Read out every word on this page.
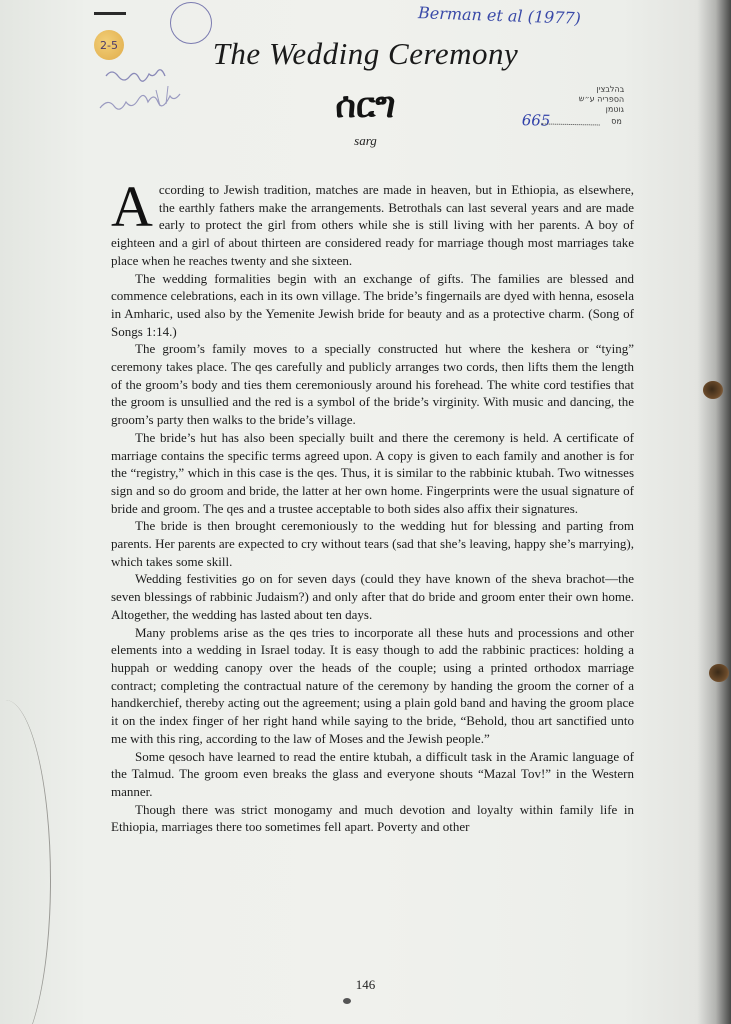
2-5
Berman et al (1977)
The Wedding Ceremony
ሰርግ
sarg
בהלבצין
הספריה ע״ש
665	מס
גוטמן

According to Jewish tradition, matches are made in heaven, but in Ethiopia, as elsewhere, the earthly fathers make the arrangements. Betrothals can last several years and are made early to protect the girl from others while she is still living with her parents. A boy of eighteen and a girl of about thirteen are considered ready for marriage though most marriages take place when he reaches twenty and she sixteen.

The wedding formalities begin with an exchange of gifts. The families are blessed and commence celebrations, each in its own village. The bride’s fingernails are dyed with henna, esosela in Amharic, used also by the Yemenite Jewish bride for beauty and as a protective charm. (Song of Songs 1:14.)

The groom’s family moves to a specially constructed hut where the keshera or “tying” ceremony takes place. The qes carefully and publicly arranges two cords, then lifts them the length of the groom’s body and ties them ceremoniously around his forehead. The white cord testifies that the groom is unsullied and the red is a symbol of the bride’s virginity. With music and dancing, the groom’s party then walks to the bride’s village.

The bride’s hut has also been specially built and there the ceremony is held. A certificate of marriage contains the specific terms agreed upon. A copy is given to each family and another is for the “registry,” which in this case is the qes. Thus, it is similar to the rabbinic ktubah. Two witnesses sign and so do groom and bride, the latter at her own home. Fingerprints were the usual signature of bride and groom. The qes and a trustee acceptable to both sides also affix their signatures.

The bride is then brought ceremoniously to the wedding hut for blessing and parting from parents. Her parents are expected to cry without tears (sad that she’s leaving, happy she’s marrying), which takes some skill.

Wedding festivities go on for seven days (could they have known of the sheva brachot—the seven blessings of rabbinic Judaism?) and only after that do bride and groom enter their own home. Altogether, the wedding has lasted about ten days.

Many problems arise as the qes tries to incorporate all these huts and processions and other elements into a wedding in Israel today. It is easy though to add the rabbinic practices: holding a huppah or wedding canopy over the heads of the couple; using a printed orthodox marriage contract; completing the contractual nature of the ceremony by handing the groom the corner of a handkerchief, thereby acting out the agreement; using a plain gold band and having the groom place it on the index finger of her right hand while saying to the bride, “Behold, thou art sanctified unto me with this ring, according to the law of Moses and the Jewish people.”

Some qesoch have learned to read the entire ktubah, a difficult task in the Aramic language of the Talmud. The groom even breaks the glass and everyone shouts “Mazal Tov!” in the Western manner.

Though there was strict monogamy and much devotion and loyalty within family life in Ethiopia, marriages there too sometimes fell apart. Poverty and other

146
